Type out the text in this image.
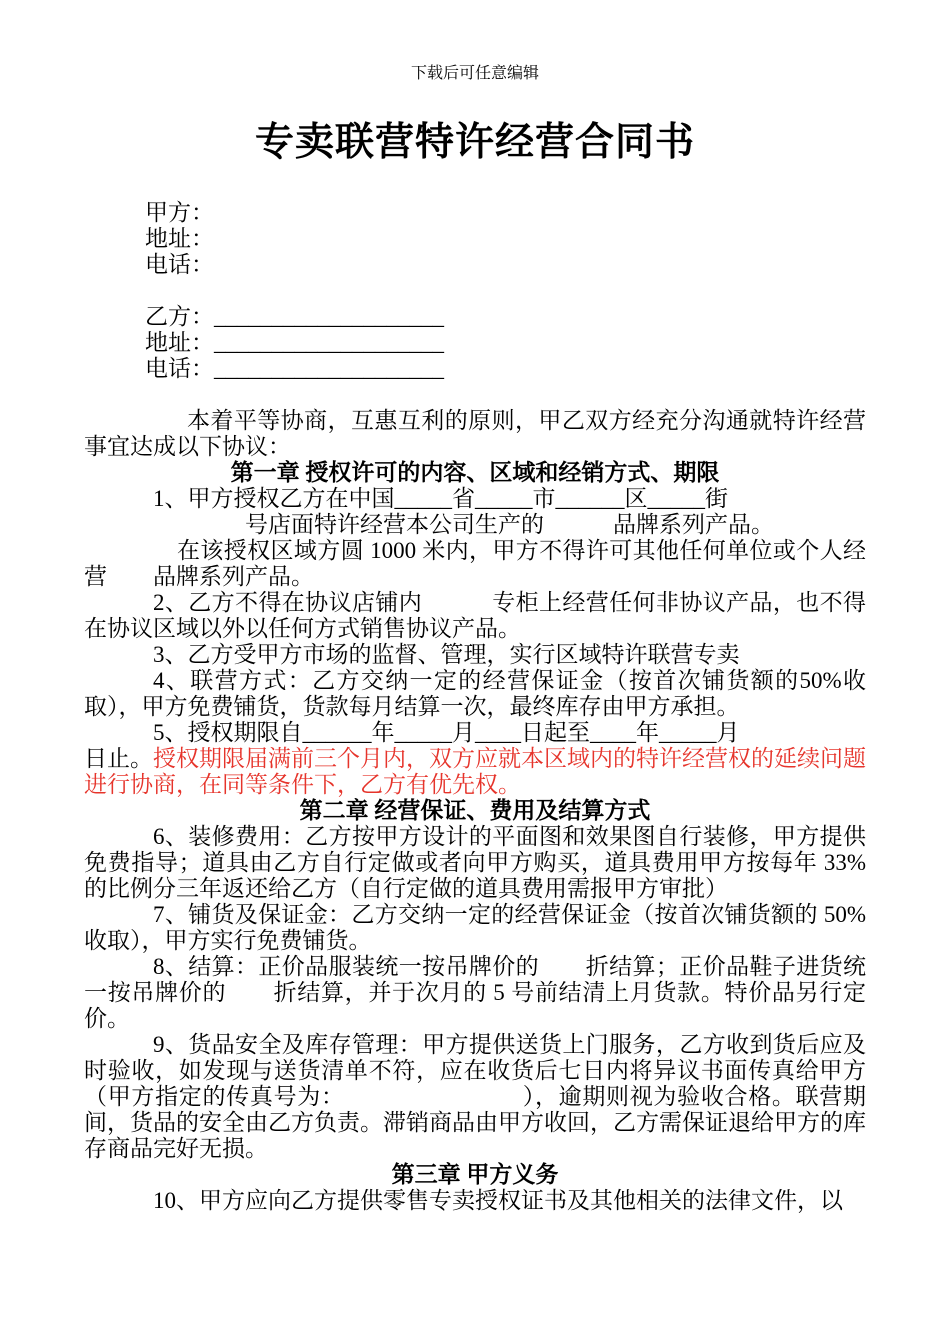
下载后可任意编辑
专卖联营特许经营合同书

甲方：

地址：

电话：

乙方：____________________

地址：____________________

电话：____________________

本着平等协商，互惠互利的原则，甲乙双方经充分沟通就特许经营事宜达成以下协议：

第一章 授权许可的内容、区域和经销方式、期限

1、甲方授权乙方在中国_____省_____市______区_____街
　　　　　　　号店面特许经营本公司生产的　　　品牌系列产品。

在该授权区域方圆 1000 米内，甲方不得许可其他任何单位或个人经营　　品牌系列产品。

2、乙方不得在协议店铺内　　　专柜上经营任何非协议产品，也不得在协议区域以外以任何方式销售协议产品。

3、乙方受甲方市场的监督、管理，实行区域特许联营专卖

4、联营方式：乙方交纳一定的经营保证金（按首次铺货额的50%收取），甲方免费铺货，货款每月结算一次，最终库存由甲方承担。

5、授权期限自______年_____月____日起至____年_____月
日止。授权期限届满前三个月内，双方应就本区域内的特许经营权的延续问题进行协商，在同等条件下，乙方有优先权。

第二章 经营保证、费用及结算方式

6、装修费用：乙方按甲方设计的平面图和效果图自行装修，甲方提供免费指导；道具由乙方自行定做或者向甲方购买，道具费用甲方按每年 33%的比例分三年返还给乙方（自行定做的道具费用需报甲方审批）

7、铺货及保证金：乙方交纳一定的经营保证金（按首次铺货额的 50%收取），甲方实行免费铺货。

8、结算：正价品服装统一按吊牌价的　　折结算；正价品鞋子进货统一按吊牌价的　　折结算，并于次月的 5 号前结清上月货款。特价品另行定价。

9、货品安全及库存管理：甲方提供送货上门服务，乙方收到货后应及时验收，如发现与送货清单不符，应在收货后七日内将异议书面传真给甲方（甲方指定的传真号为：　　　　　　　　），逾期则视为验收合格。联营期间，货品的安全由乙方负责。滞销商品由甲方收回，乙方需保证退给甲方的库存商品完好无损。

第三章 甲方义务

10、甲方应向乙方提供零售专卖授权证书及其他相关的法律文件，以
